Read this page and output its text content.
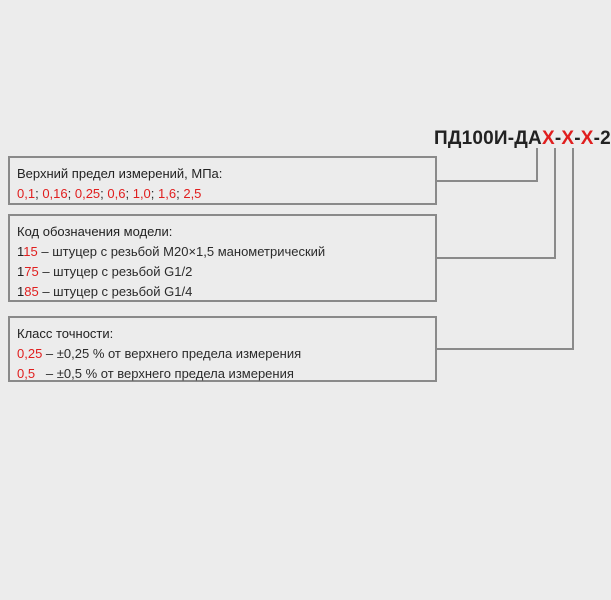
ПД100И-ДАX-X-X-2
Верхний предел измерений, МПа:
0,1; 0,16; 0,25; 0,6; 1,0; 1,6; 2,5
Код обозначения модели:
115 – штуцер с резьбой М20×1,5 манометрический
175 – штуцер с резьбой G1/2
185 – штуцер с резьбой G1/4
Класс точности:
0,25 – ±0,25 % от верхнего предела измерения
0,5   – ±0,5 % от верхнего предела измерения
